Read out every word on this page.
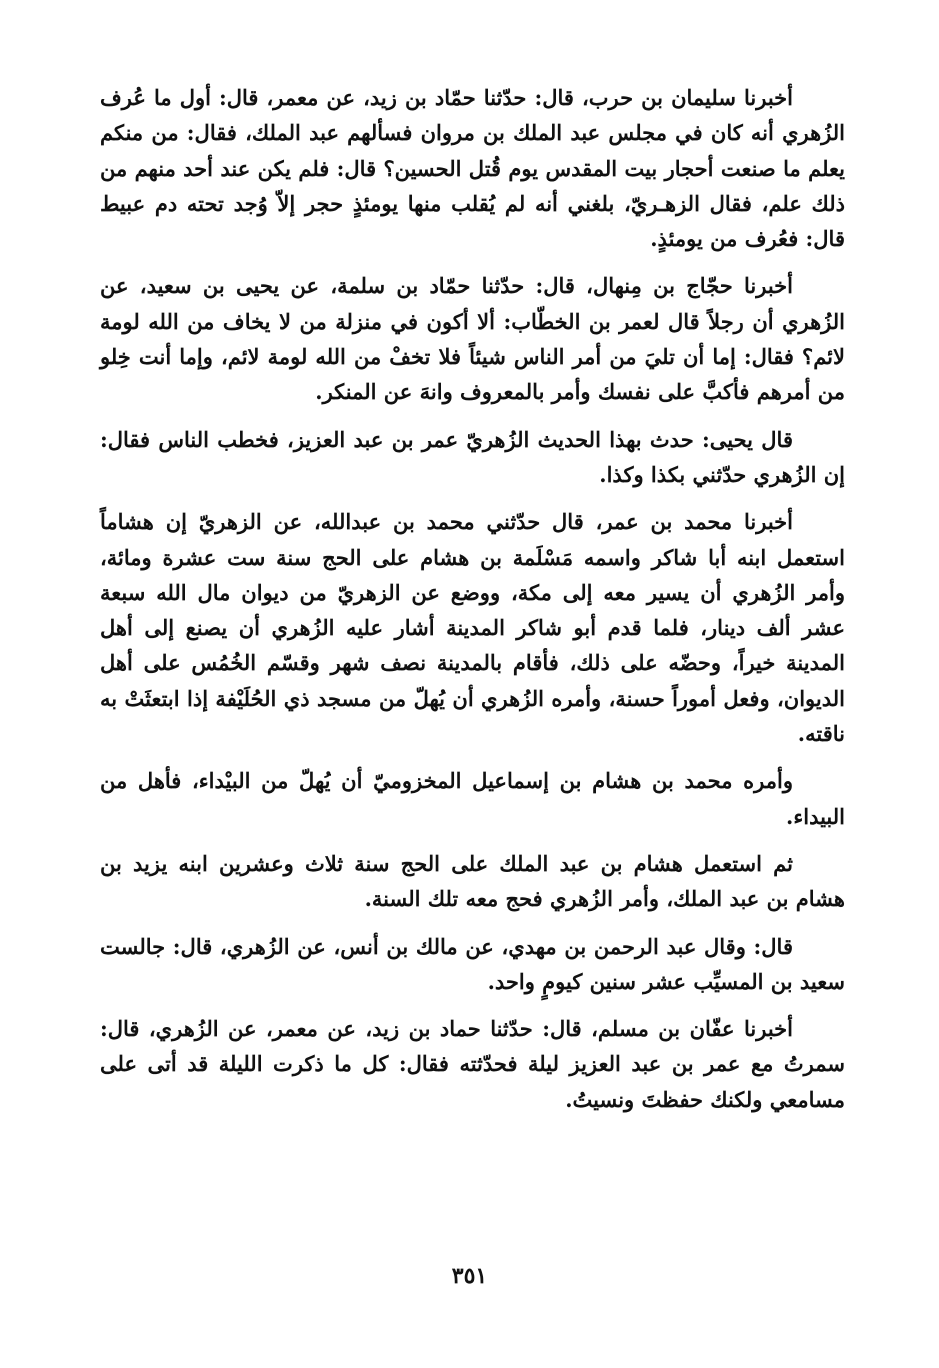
أخبرنا سليمان بن حرب، قال: حدّثنا حمّاد بن زيد، عن معمر، قال: أول ما عُرف الزُهري أنه كان في مجلس عبد الملك بن مروان فسألهم عبد الملك، فقال: من منكم يعلم ما صنعت أحجار بيت المقدس يوم قُتل الحسين؟ قال: فلم يكن عند أحد منهم من ذلك علم، فقال الزهـريّ، بلغني أنه لم يُقلب منها يومئذٍ حجر إلاّ وُجد تحته دم عبيط قال: فعُرف من يومئذٍ.

أخبرنا حجّاج بن مِنهال، قال: حدّثنا حمّاد بن سلمة، عن يحيى بن سعيد، عن الزُهري أن رجلاً قال لعمر بن الخطّاب: ألا أكون في منزلة من لا يخاف من الله لومة لائم؟ فقال: إما أن تليَ من أمر الناس شيئاً فلا تخفْ من الله لومة لائم، وإما أنت خِلو من أمرهم فأكبَّ على نفسك وأمر بالمعروف وانهَ عن المنكر.

قال يحيى: حدث بهذا الحديث الزُهريّ عمر بن عبد العزيز، فخطب الناس فقال: إن الزُهري حدّثني بكذا وكذا.

أخبرنا محمد بن عمر، قال حدّثني محمد بن عبدالله، عن الزهريّ إن هشاماً استعمل ابنه أبا شاكر واسمه مَسْلَمة بن هشام على الحج سنة ست عشرة ومائة، وأمر الزُهري أن يسير معه إلى مكة، ووضع عن الزهريّ من ديوان مال الله سبعة عشر ألف دينار، فلما قدم أبو شاكر المدينة أشار عليه الزُهري أن يصنع إلى أهل المدينة خيراً، وحضّه على ذلك، فأقام بالمدينة نصف شهر وقسّم الخُمُس على أهل الديوان، وفعل أموراً حسنة، وأمره الزُهري أن يُهلّ من مسجد ذي الحُلَيْفة إذا ابتعثَتْ به ناقته.

وأمره محمد بن هشام بن إسماعيل المخزوميّ أن يُهلّ من البيْداء، فأهل من البيداء.

ثم استعمل هشام بن عبد الملك على الحج سنة ثلاث وعشرين ابنه يزيد بن هشام بن عبد الملك، وأمر الزُهري فحج معه تلك السنة.

قال: وقال عبد الرحمن بن مهدي، عن مالك بن أنس، عن الزُهري، قال: جالست سعيد بن المسيِّب عشر سنين كيومٍ واحد.

أخبرنا عفّان بن مسلم، قال: حدّثنا حماد بن زيد، عن معمر، عن الزُهري، قال: سمرتُ مع عمر بن عبد العزيز ليلة فحدّثته فقال: كل ما ذكرت الليلة قد أتى على مسامعي ولكنك حفظتَ ونسيتُ.

٣٥١
